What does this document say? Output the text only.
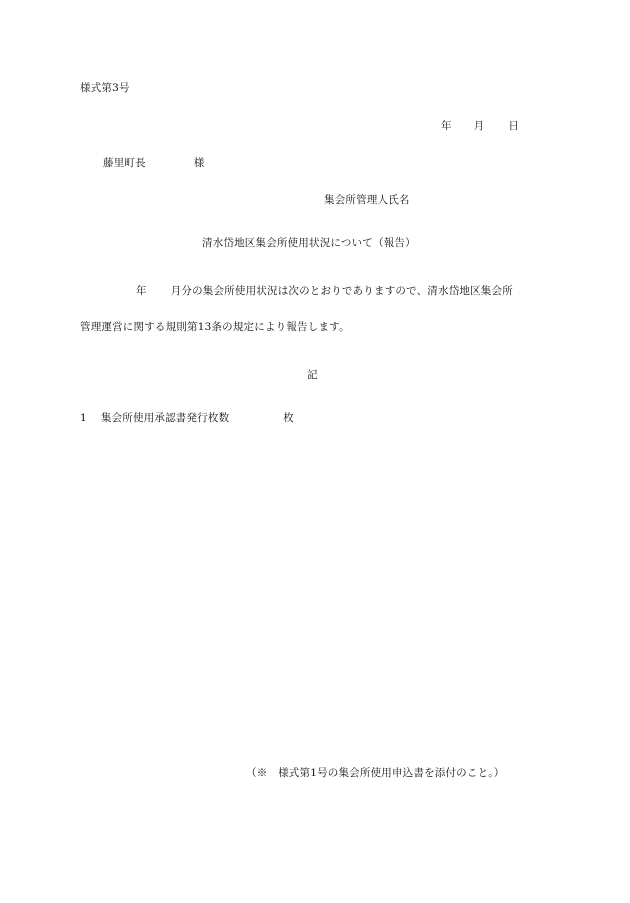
様式第3号
年 月 日
藤里町長	様
集会所管理人氏名
清水岱地区集会所使用状況について（報告）
年 月分の集会所使用状況は次のとおりでありますので、清水岱地区集会所
管理運営に関する規則第13条の規定により報告します。
記
1 集会所使用承認書発行枚数	枚
（※　様式第1号の集会所使用申込書を添付のこと。）
